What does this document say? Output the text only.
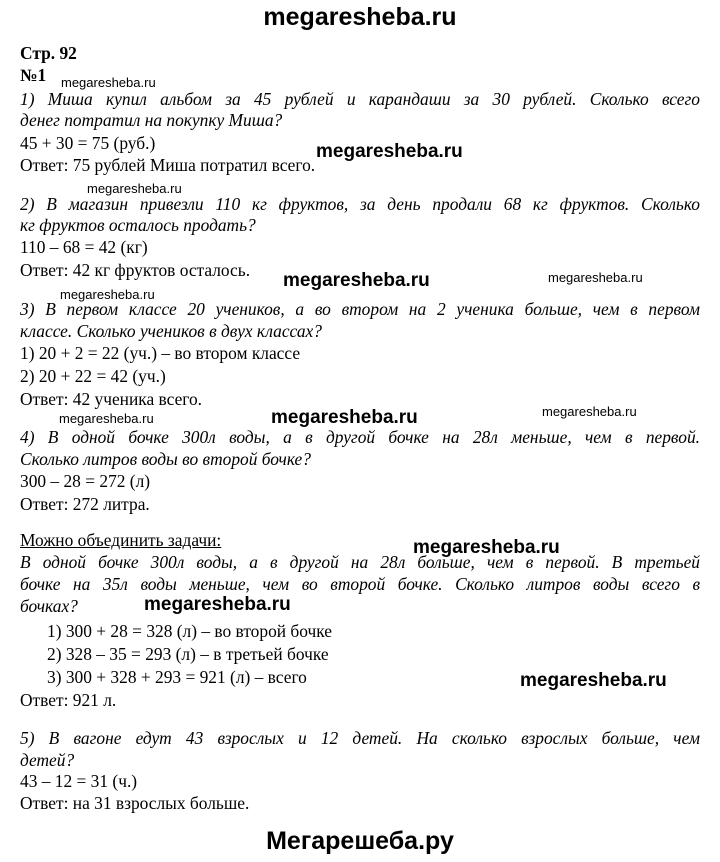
megaresheba.ru
Стр. 92
№1
1) Миша купил альбом за 45 рублей и карандаши за 30 рублей. Сколько всего
денег потратил на покупку Миша?
45 + 30 = 75 (руб.)
Ответ: 75 рублей Миша потратил всего.
2) В магазин привезли 110 кг фруктов, за день продали 68 кг фруктов. Сколько
кг фруктов осталось продать?
110 – 68 = 42 (кг)
Ответ: 42 кг фруктов осталось.
3) В первом классе 20 учеников, а во втором на 2 ученика больше, чем в первом
классе. Сколько учеников в двух классах?
1) 20 + 2 = 22 (уч.) – во втором классе
2) 20 + 22 = 42 (уч.)
Ответ: 42 ученика всего.
4) В одной бочке 300л воды, а в другой бочке на 28л меньше, чем в первой.
Сколько литров воды во второй бочке?
300 – 28 = 272 (л)
Ответ: 272 литра.
Можно объединить задачи:
В одной бочке 300л воды, а в другой на 28л больше, чем в первой. В третьей
бочке на 35л воды меньше, чем во второй бочке. Сколько литров воды всего в
бочках?
1) 300 + 28 = 328 (л) – во второй бочке
2) 328 – 35 = 293 (л) – в третьей бочке
3) 300 + 328 + 293 = 921 (л) – всего
Ответ: 921 л.
5) В вагоне едут 43 взрослых и 12 детей. На сколько взрослых больше, чем
детей?
43 – 12 = 31 (ч.)
Ответ: на 31 взрослых больше.
megaresheba.ru
megaresheba.ru
megaresheba.ru
megaresheba.ru	megaresheba.ru
megaresheba.ru
megaresheba.ru	megaresheba.ru	megaresheba.ru
megaresheba.ru
megaresheba.ru
megaresheba.ru
Мегарешеба.ру
